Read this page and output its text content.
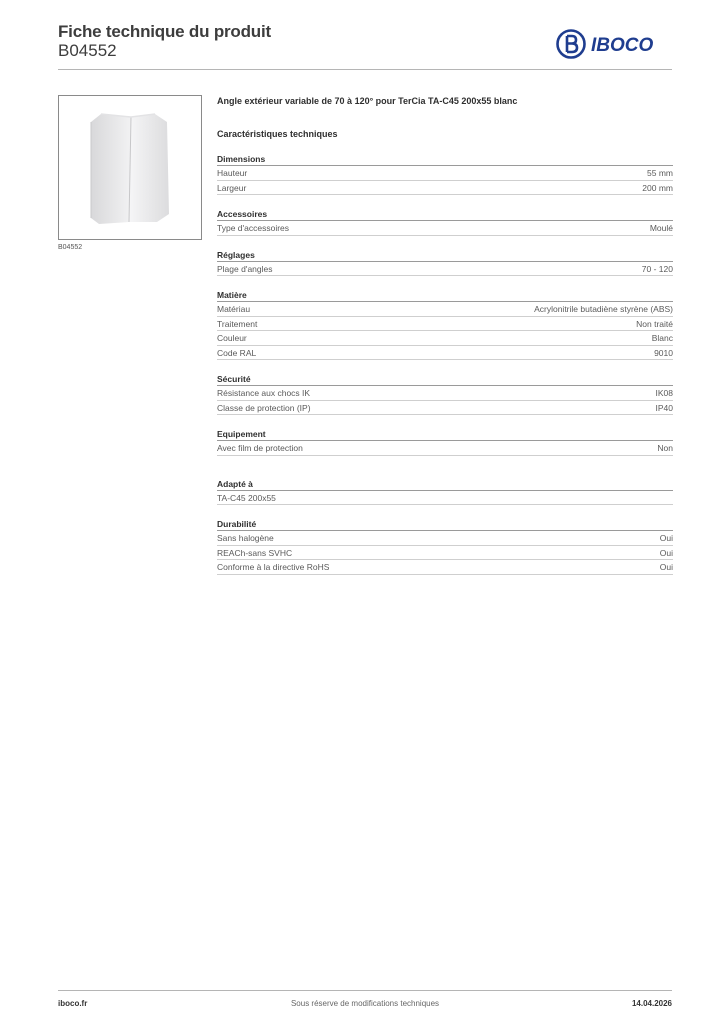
Fiche technique du produit
B04552	IBOCO
B04552
Angle extérieur variable de 70 à 120° pour TerCia TA-C45 200x55 blanc
Caractéristiques techniques
Dimensions
Hauteur	55 mm
Largeur	200 mm
Accessoires
Type d'accessoires	Moulé
Réglages
Plage d'angles	70 - 120
Matière
Matériau	Acrylonitrile butadiène styrène (ABS)
Traitement	Non traité
Couleur	Blanc
Code RAL	9010
Sécurité
Résistance aux chocs IK	IK08
Classe de protection (IP)	IP40
Equipement
Avec film de protection	Non
Adapté à
TA-C45 200x55
Durabilité
Sans halogène	Oui
REACh-sans SVHC	Oui
Conforme à la directive RoHS	Oui
Sous réserve de modifications techniques
iboco.fr	14.04.2026
